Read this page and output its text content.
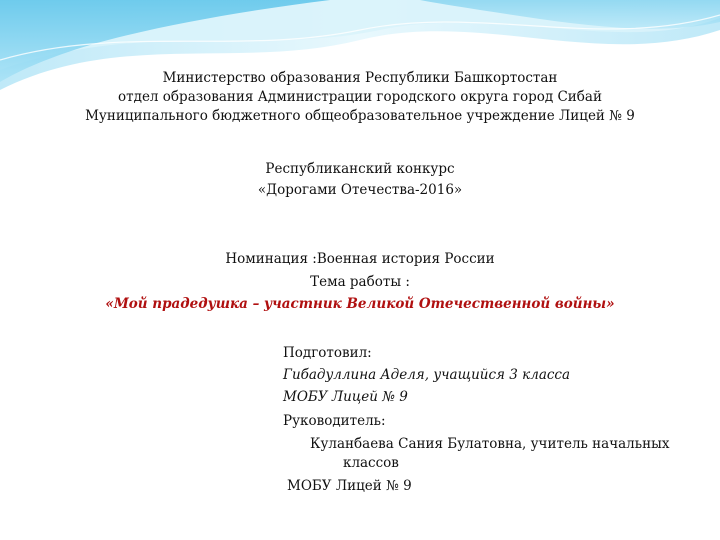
Министерство образования Республики Башкортостан
отдел образования Администрации городского округа город Сибай
Муниципального бюджетного общеобразовательное учреждение Лицей № 9
Республиканский конкурс
«Дорогами Отечества-2016»
Номинация :Военная история России
Тема работы :
«Мой прадедушка – участник Великой Отечественной войны»
Подготовил:
Гибадуллина Аделя, учащийся 3 класса
МОБУ Лицей № 9
Руководитель:
Куланбаева Сания Булатовна, учитель начальных
классов
МОБУ Лицей № 9
